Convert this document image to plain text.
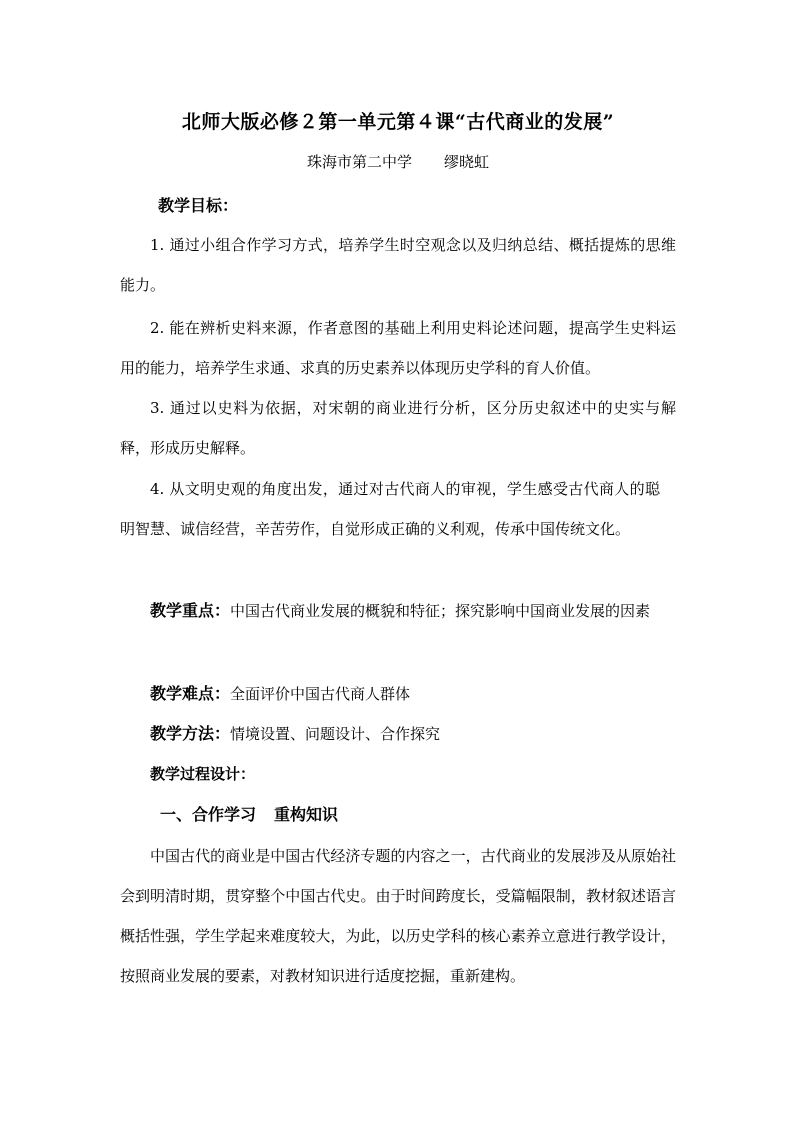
北师大版必修２第一单元第４课“古代商业的发展”
珠海市第二中学 缪晓虹
教学目标：
1. 通过小组合作学习方式，培养学生时空观念以及归纳总结、概括提炼的思维能力。
2. 能在辨析史料来源，作者意图的基础上利用史料论述问题，提高学生史料运用的能力，培养学生求通、求真的历史素养以体现历史学科的育人价值。
3. 通过以史料为依据，对宋朝的商业进行分析，区分历史叙述中的史实与解释，形成历史解释。
4. 从文明史观的角度出发，通过对古代商人的审视，学生感受古代商人的聪明智慧、诚信经营，辛苦劳作，自觉形成正确的义利观，传承中国传统文化。
教学重点：中国古代商业发展的概貌和特征；探究影响中国商业发展的因素
教学难点：全面评价中国古代商人群体
教学方法：情境设置、问题设计、合作探究
教学过程设计：
一、合作学习 重构知识
中国古代的商业是中国古代经济专题的内容之一，古代商业的发展涉及从原始社会到明清时期，贯穿整个中国古代史。由于时间跨度长，受篇幅限制，教材叙述语言概括性强，学生学起来难度较大，为此，以历史学科的核心素养立意进行教学设计，按照商业发展的要素，对教材知识进行适度挖掘，重新建构。
